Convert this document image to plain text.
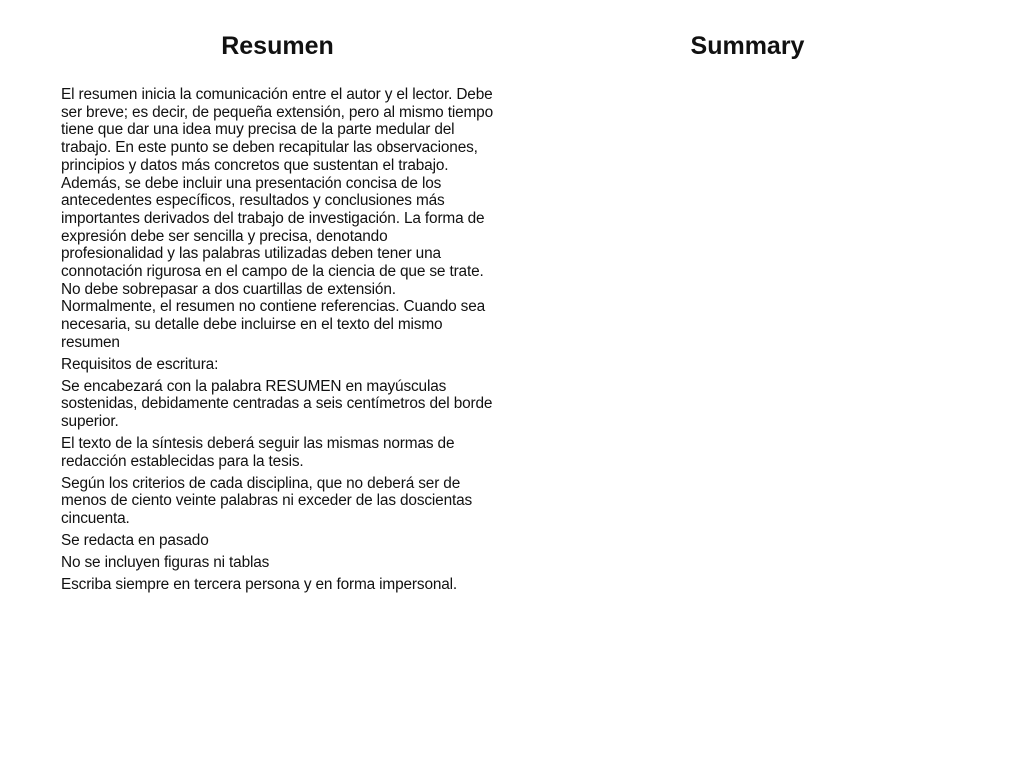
Resumen	Summary

El resumen inicia la comunicación entre el autor y el lector. Debe ser breve; es decir, de pequeña extensión, pero al mismo tiempo tiene que dar una idea muy precisa de la parte medular del trabajo. En este punto se deben recapitular las observaciones, principios y datos más concretos que sustentan el trabajo. Además, se debe incluir una presentación concisa de los antecedentes específicos, resultados y conclusiones más importantes derivados del trabajo de investigación. La forma de expresión debe ser sencilla y precisa, denotando profesionalidad y las palabras utilizadas deben tener una connotación rigurosa en el campo de la ciencia de que se trate. No debe sobrepasar a dos cuartillas de extensión. Normalmente, el resumen no contiene referencias. Cuando sea necesaria, su detalle debe incluirse en el texto del mismo resumen

Requisitos de escritura:

Se encabezará con la palabra RESUMEN en mayúsculas sostenidas, debidamente centradas a seis centímetros del borde superior.

El texto de la síntesis deberá seguir las mismas normas de redacción establecidas para la tesis.

Según los criterios de cada disciplina, que no deberá ser de menos de ciento veinte palabras ni exceder de las doscientas cincuenta.

Se redacta en pasado

No se incluyen figuras ni tablas

Escriba siempre en tercera persona y en forma impersonal.
